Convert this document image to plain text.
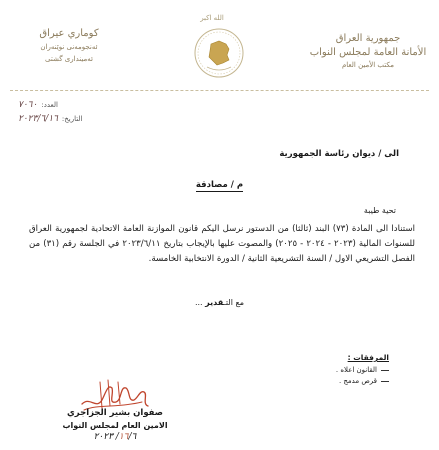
الله اكبر
كوماري عيراق
ئەنجومەنی نوێنەران
ئەمینداری گشتی
جمهورية العراق
الأمانة العامة لمجلس النواب
مكتب الأمين العام
العدد:
٧٠٦٠
التاريخ:
٢٠٢٣/٦/١٦
الى / ديوان رئاسة الجمهورية
م / مصادقة
تحية طيبة
استنادا الى المادة (٧٣) البند (ثالثا) من الدستور نرسل اليكم قانون الموازنة العامة الاتحادية لجمهورية العراق للسنوات المالية (٢٠٢٣ - ٢٠٢٤ - ٢٠٢٥) والمصوت عليها بالإيجاب بتاريخ ٢٠٢٣/٦/١١ في الجلسة رقم (٣١) من الفصل التشريعي الاول / السنة التشريعية الثانية / الدورة الانتخابية الخامسة.
مع التـقدير ...
المرفقات :
القانون اعلاه .
قرص مدمج .
صفوان بشير الجزاجري
الامين العام لمجلس النواب
١٦/٦/ ٢٠٢٣
